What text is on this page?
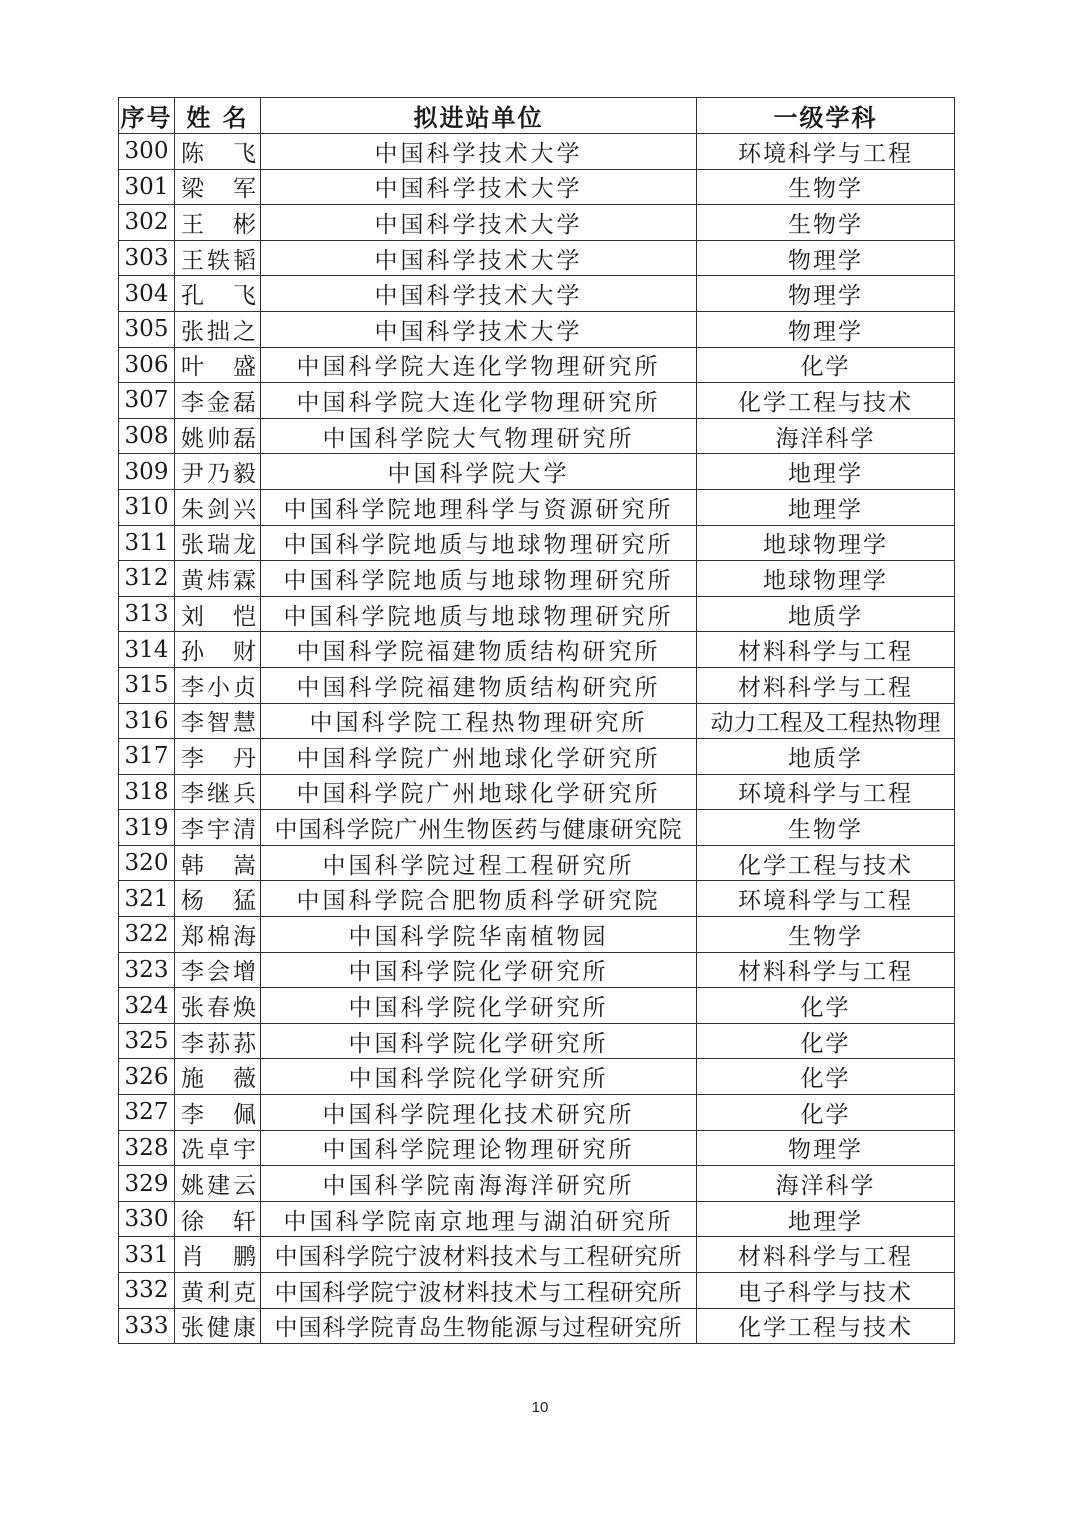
序号	姓 名	拟进站单位	一级学科
300	陈 飞	中国科学技术大学	环境科学与工程
301	梁 军	中国科学技术大学	生物学
302	王 彬	中国科学技术大学	生物学
303	王轶韬	中国科学技术大学	物理学
304	孔 飞	中国科学技术大学	物理学
305	张拙之	中国科学技术大学	物理学
306	叶 盛	中国科学院大连化学物理研究所	化学
307	李金磊	中国科学院大连化学物理研究所	化学工程与技术
308	姚帅磊	中国科学院大气物理研究所	海洋科学
309	尹乃毅	中国科学院大学	地理学
310	朱剑兴	中国科学院地理科学与资源研究所	地理学
311	张瑞龙	中国科学院地质与地球物理研究所	地球物理学
312	黄炜霖	中国科学院地质与地球物理研究所	地球物理学
313	刘 恺	中国科学院地质与地球物理研究所	地质学
314	孙 财	中国科学院福建物质结构研究所	材料科学与工程
315	李小贞	中国科学院福建物质结构研究所	材料科学与工程
316	李智慧	中国科学院工程热物理研究所	动力工程及工程热物理
317	李 丹	中国科学院广州地球化学研究所	地质学
318	李继兵	中国科学院广州地球化学研究所	环境科学与工程
319	李宇清	中国科学院广州生物医药与健康研究院	生物学
320	韩 嵩	中国科学院过程工程研究所	化学工程与技术
321	杨 猛	中国科学院合肥物质科学研究院	环境科学与工程
322	郑棉海	中国科学院华南植物园	生物学
323	李会增	中国科学院化学研究所	材料科学与工程
324	张春焕	中国科学院化学研究所	化学
325	李荪荪	中国科学院化学研究所	化学
326	施 薇	中国科学院化学研究所	化学
327	李 佩	中国科学院理化技术研究所	化学
328	冼卓宇	中国科学院理论物理研究所	物理学
329	姚建云	中国科学院南海海洋研究所	海洋科学
330	徐 轩	中国科学院南京地理与湖泊研究所	地理学
331	肖 鹏	中国科学院宁波材料技术与工程研究所	材料科学与工程
332	黄利克	中国科学院宁波材料技术与工程研究所	电子科学与技术
333	张健康	中国科学院青岛生物能源与过程研究所	化学工程与技术
10
